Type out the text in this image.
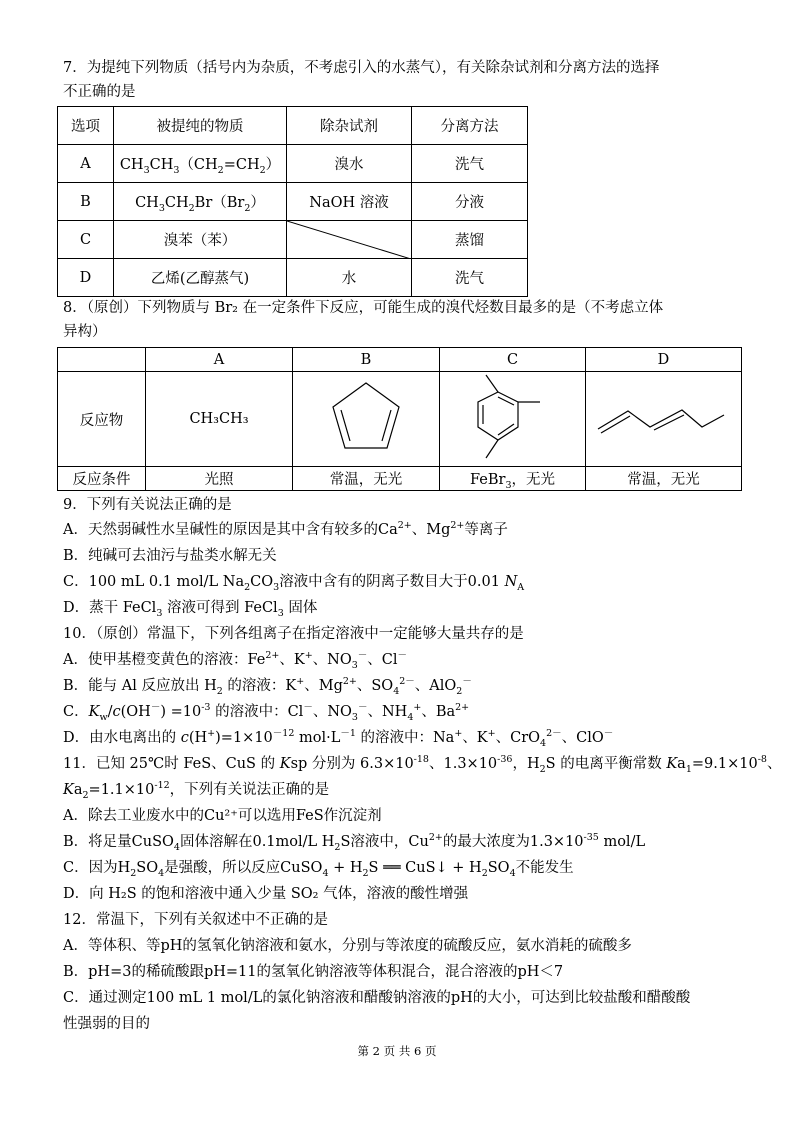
7．为提纯下列物质（括号内为杂质，不考虑引入的水蒸气），有关除杂试剂和分离方法的选择
不正确的是
选项	被提纯的物质	除杂试剂	分离方法
A	$CH_3CH_3(CH_2=CH_2)$	溴水	洗气
B	$CH_3CH_2Br(Br_2)$	NaOH 溶液	分液
C	溴苯（苯）		蒸馏
D	乙烯(乙醇蒸气)	水	洗气
8．（原创）下列物质与 Br₂ 在一定条件下反应，可能生成的溴代烃数目最多的是（不考虑立体
异构）
	A	B	C	D
反应物	CH₃CH₃			
反应条件	光照	常温，无光	FeBr$_3$，无光	常温，无光
9．下列有关说法正确的是
A．天然弱碱性水呈碱性的原因是其中含有较多的$Ca^{2+}$、$Mg^{2+}$等离子
B．纯碱可去油污与盐类水解无关
C．100 mL 0.1 mol/L $Na_2CO_3$溶液中含有的阴离子数目大于0.01 $N_A$
D．蒸干 FeCl$_3$ 溶液可得到 FeCl$_3$ 固体
10．（原创）常温下，下列各组离子在指定溶液中一定能够大量共存的是
A．使甲基橙变黄色的溶液：$Fe^{2+}$、K+、$NO_3^-$、Cl－
B．能与 Al 反应放出 $H_2$ 的溶液：K+、$Mg^{2+}$、$SO_4^{2-}$、AlO$_2$－
C．$K_w/c(OH^-) =10^{-3}$ 的溶液中：Cl－、$NO_3^-$、$NH_4^+$、$Ba^{2+}$
D．由水电离出的 $c(H^+)=1\times 10^{-12}$ $mol\cdot L^{-1}$ 的溶液中：Na+、K+、CrO$_4^{2-}$、ClO－
11．已知 25℃时 FeS、CuS 的 Ksp 分别为 $6.3\times 10^{-18}$、$1.3\times 10^{-36}$，$H_2S$ 的电离平衡常数 $Ka_1=9.1\times 10^{-8}$、
$Ka_2=1.1\times 10^{-12}$，下列有关说法正确的是
A．除去工业废水中的Cu²⁺可以选用FeS作沉淀剂
B．将足量CuSO$_4$固体溶解在0.1mol/L $H_2S$溶液中，$Cu^{2+}$的最大浓度为$1.3\times 10^{-35}$ mol/L
C．因为$H_2SO_4$是强酸，所以反应CuSO$_4$ + $H_2S$ ══ CuS↓ + $H_2SO_4$不能发生
D．向 H₂S 的饱和溶液中通入少量 SO₂ 气体，溶液的酸性增强
12．常温下，下列有关叙述中不正确的是
A．等体积、等pH的氢氧化钠溶液和氨水，分别与等浓度的硫酸反应，氨水消耗的硫酸多
B．pH=3的稀硫酸跟pH=11的氢氧化钠溶液等体积混合，混合溶液的pH＜7
C．通过测定100 mL 1 mol/L的氯化钠溶液和醋酸钠溶液的pH的大小，可达到比较盐酸和醋酸酸
性强弱的目的
第 2 页 共 6 页
